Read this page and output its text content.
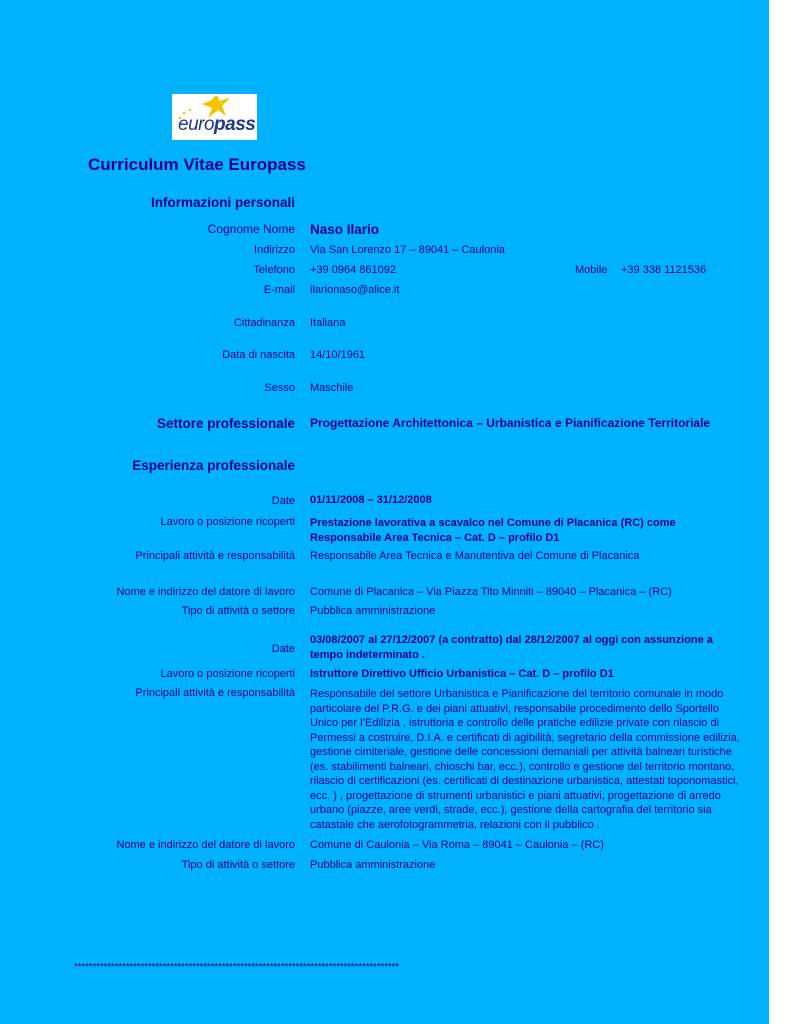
europass
Curriculum Vitae Europass
Informazioni personali
Cognome Nome Naso Ilario
Indirizzo Via San Lorenzo 17 – 89041 – Caulonia
Telefono +39 0964 861092	Mobile +39 338 1121536
E-mail ilarionaso@alice.it
Cittadinanza Italiana
Data di nascita 14/10/1961
Sesso Maschile
Settore professionale Progettazione Architettonica – Urbanistica e Pianificazione Territoriale
Esperienza professionale
Date 01/11/2008 – 31/12/2008
Lavoro o posizione ricoperti Prestazione lavorativa a scavalco nel Comune di Placanica (RC) come Responsabile Area Tecnica – Cat. D – profilo D1
Principali attività e responsabilità Responsabile Area Tecnica e Manutentiva del Comune di Placanica
Nome e indirizzo del datore di lavoro Comune di Placanica – Via Piazza Tito Minniti – 89040 – Placanica – (RC)
Tipo di attività o settore Pubblica amministrazione
Date
03/08/2007 al 27/12/2007 (a contratto) dal 28/12/2007 al oggi con assunzione a tempo indeterminato .
Lavoro o posizione ricoperti Istruttore Direttivo Ufficio Urbanistica – Cat. D – profilo D1
Principali attività e responsabilità Responsabile del settore Urbanistica e Pianificazione del territorio comunale in modo particolare del P.R.G. e dei piani attuativi, responsabile procedimento dello Sportello Unico per l’Edilizia , istruttoria e controllo delle pratiche edilizie private con rilascio di Permessi a costruire, D.I.A. e certificati di agibilità, segretario della commissione edilizia, gestione cimiteriale, gestione delle concessioni demaniali per attività balneari turistiche (es. stabilimenti balneari, chioschi bar, ecc.), controllo e gestione del territorio montano, rilascio di certificazioni (es. certificati di destinazione urbanistica, attestati toponomastici, ecc. ) , progettazione di strumenti urbanistici e piani attuativi, progettazione di arredo urbano (piazze, aree verdi, strade, ecc.), gestione della cartografia del territorio sia catastale che aerofotogrammetria, relazioni con il pubblico .
Nome e indirizzo del datore di lavoro Comune di Caulonia – Via Roma – 89041 – Caulonia – (RC)
Tipo di attività o settore Pubblica amministrazione
****************************************************************************************
